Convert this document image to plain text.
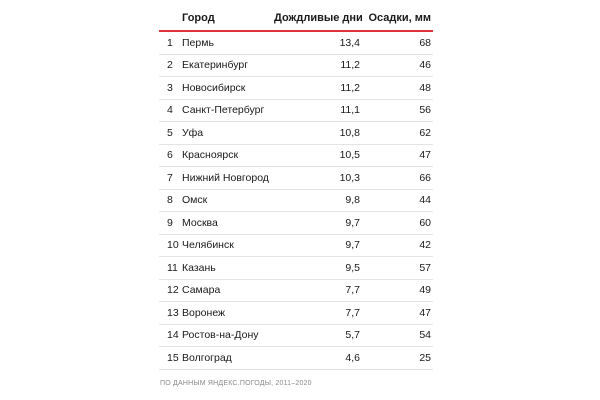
	Город	Дождливые дни	Осадки, мм
1	Пермь	13,4	68
2	Екатеринбург	11,2	46
3	Новосибирск	11,2	48
4	Санкт-Петербург	11,1	56
5	Уфа	10,8	62
6	Красноярск	10,5	47
7	Нижний Новгород	10,3	66
8	Омск	9,8	44
9	Москва	9,7	60
10	Челябинск	9,7	42
11	Казань	9,5	57
12	Самара	7,7	49
13	Воронеж	7,7	47
14	Ростов-на-Дону	5,7	54
15	Волгоград	4,6	25
ПО ДАННЫМ ЯНДЕКС.ПОГОДЫ, 2011–2020
